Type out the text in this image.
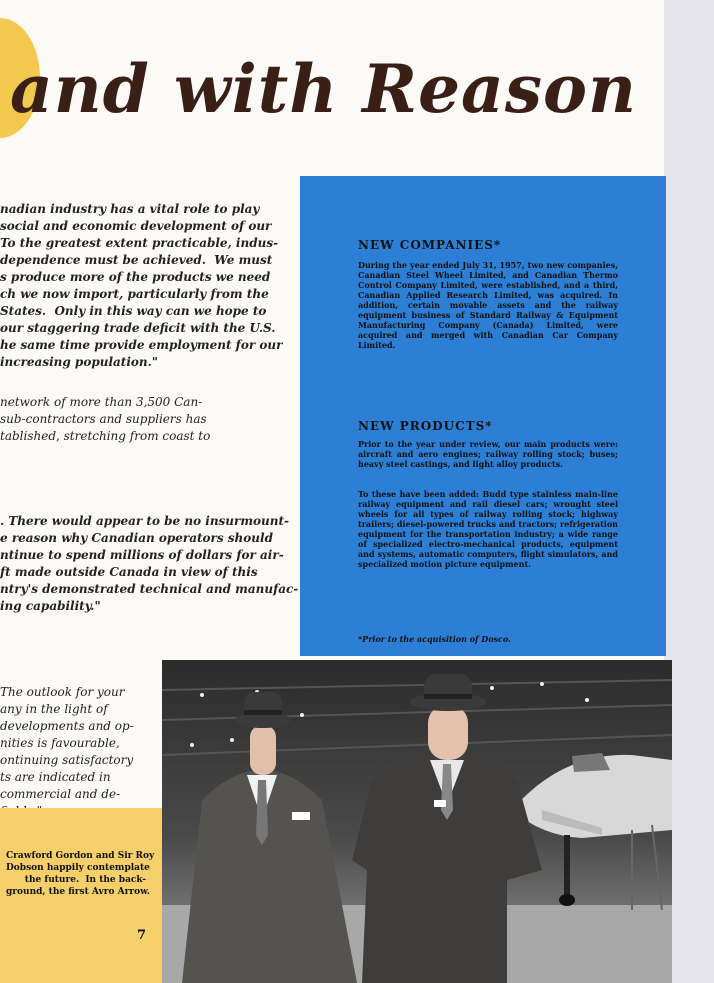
and with Reason

nadian industry has a vital role to play
social and economic development of our
To the greatest extent practicable, indus-
dependence must be achieved.  We must
s produce more of the products we need
ch we now import, particularly from the
States.  Only in this way can we hope to
our staggering trade deficit with the U.S.
he same time provide employment for our
increasing population."

network of more than 3,500 Can-
sub-contractors and suppliers has
tablished, stretching from coast to

. There would appear to be no insurmount-
e reason why Canadian operators should
ntinue to spend millions of dollars for air-
ft made outside Canada in view of this
ntry's demonstrated technical and manufac-
ing capability."

The outlook for your
any in the light of
developments and op-
nities is favourable,
ontinuing satisfactory
ts are indicated in
commercial and de-

NEW COMPANIES*

During the year ended July 31, 1957, two new companies, Canadian Steel Wheel Limited, and Canadian Thermo Control Company Limited, were established, and a third, Canadian Applied Research Limited, was acquired. In addition, certain movable assets and the railway equipment business of Standard Railway & Equipment Manufacturing Company (Canada) Limited, were acquired and merged with Canadian Car Company Limited.

NEW PRODUCTS*

Prior to the year under review, our main products were: aircraft and aero engines; railway rolling stock; buses; heavy steel castings, and light alloy products.

To these have been added: Budd type stainless main-line railway equipment and rail diesel cars; wrought steel wheels for all types of railway rolling stock; highway trailers; diesel-powered trucks and tractors; refrigeration equipment for the transportation industry; a wide range of specialized electro-mechanical products, equipment and systems, automatic computers, flight simulators, and specialized motion picture equipment.

*Prior to the acquisition of Dosco.

Crawford Gordon and Sir Roy
Dobson happily contemplate
the future.  In the back-
ground, the first Avro Arrow.

7
